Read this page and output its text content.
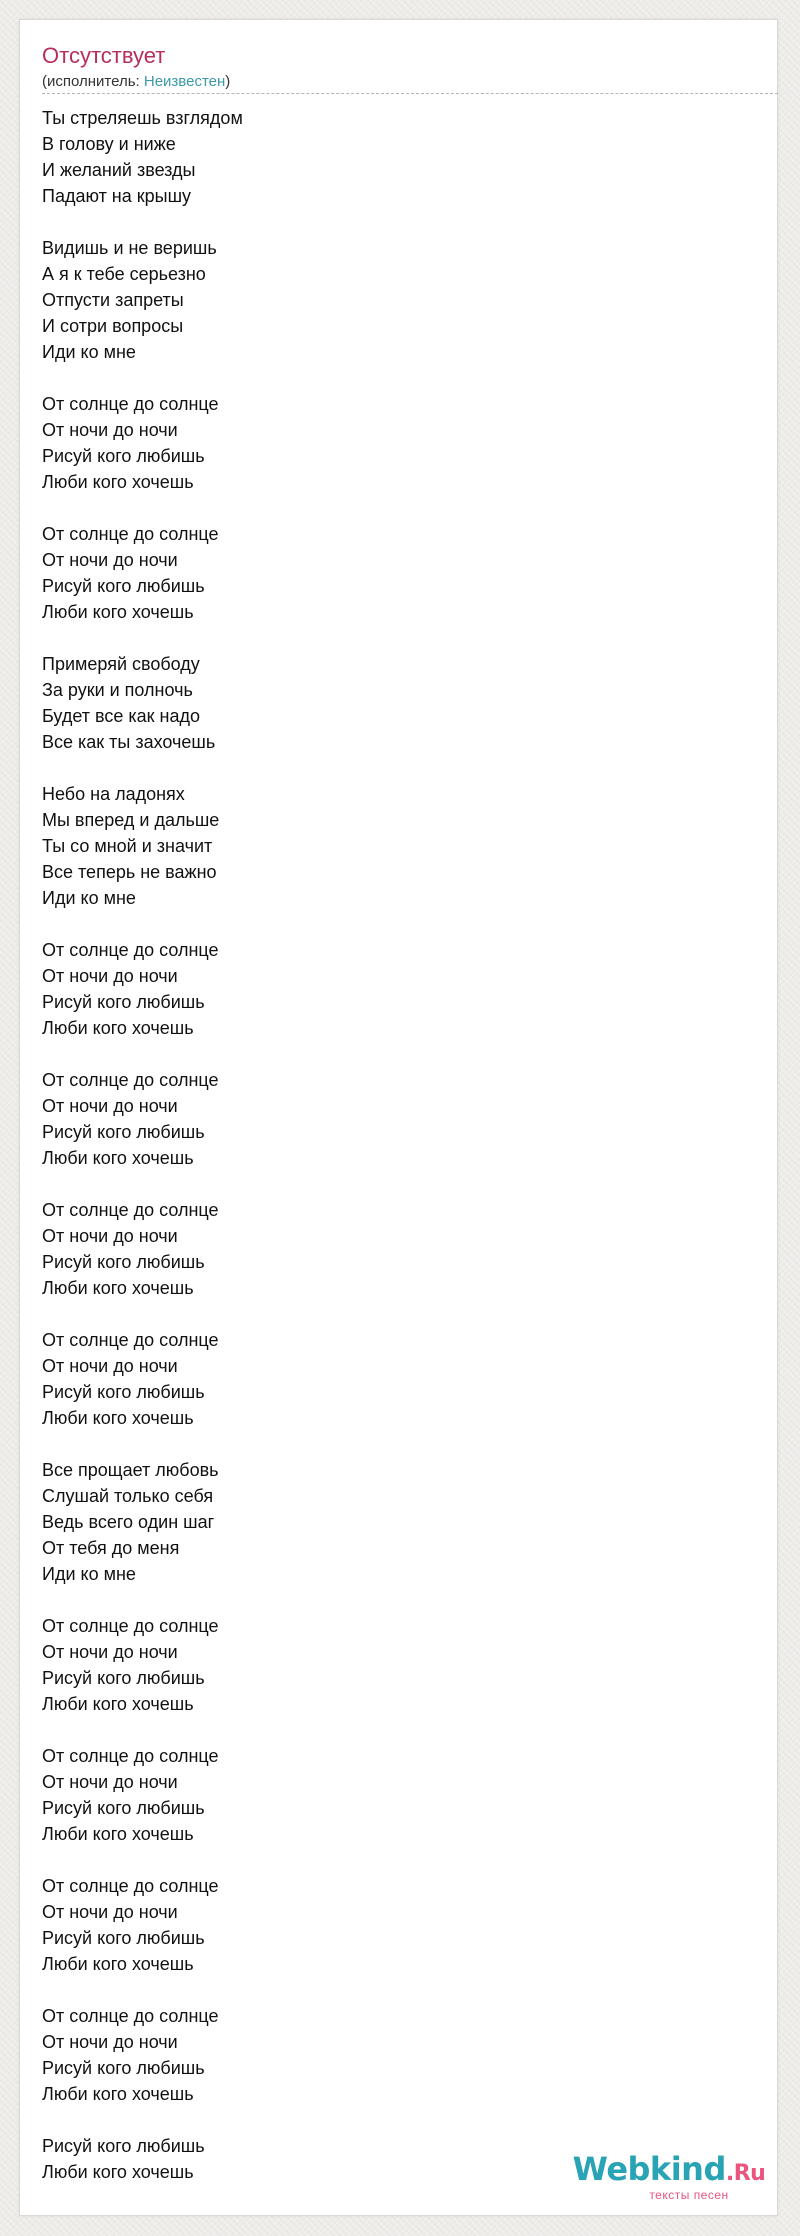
Отсутствует
(исполнитель: Неизвестен)
Ты стреляешь взглядом
В голову и ниже
И желаний звезды
Падают на крышу
Видишь и не веришь
А я к тебе серьезно
Отпусти запреты
И сотри вопросы
Иди ко мне
От солнце до солнце
От ночи до ночи
Рисуй кого любишь
Люби кого хочешь
От солнце до солнце
От ночи до ночи
Рисуй кого любишь
Люби кого хочешь
Примеряй свободу
За руки и полночь
Будет все как надо
Все как ты захочешь
Небо на ладонях
Мы вперед и дальше
Ты со мной и значит
Все теперь не важно
Иди ко мне
От солнце до солнце
От ночи до ночи
Рисуй кого любишь
Люби кого хочешь
От солнце до солнце
От ночи до ночи
Рисуй кого любишь
Люби кого хочешь
От солнце до солнце
От ночи до ночи
Рисуй кого любишь
Люби кого хочешь
От солнце до солнце
От ночи до ночи
Рисуй кого любишь
Люби кого хочешь
Все прощает любовь
Слушай только себя
Ведь всего один шаг
От тебя до меня
Иди ко мне
От солнце до солнце
От ночи до ночи
Рисуй кого любишь
Люби кого хочешь
От солнце до солнце
От ночи до ночи
Рисуй кого любишь
Люби кого хочешь
От солнце до солнце
От ночи до ночи
Рисуй кого любишь
Люби кого хочешь
От солнце до солнце
От ночи до ночи
Рисуй кого любишь
Люби кого хочешь
Рисуй кого любишь
Люби кого хочешь	Webkind.Ru
тексты песен
